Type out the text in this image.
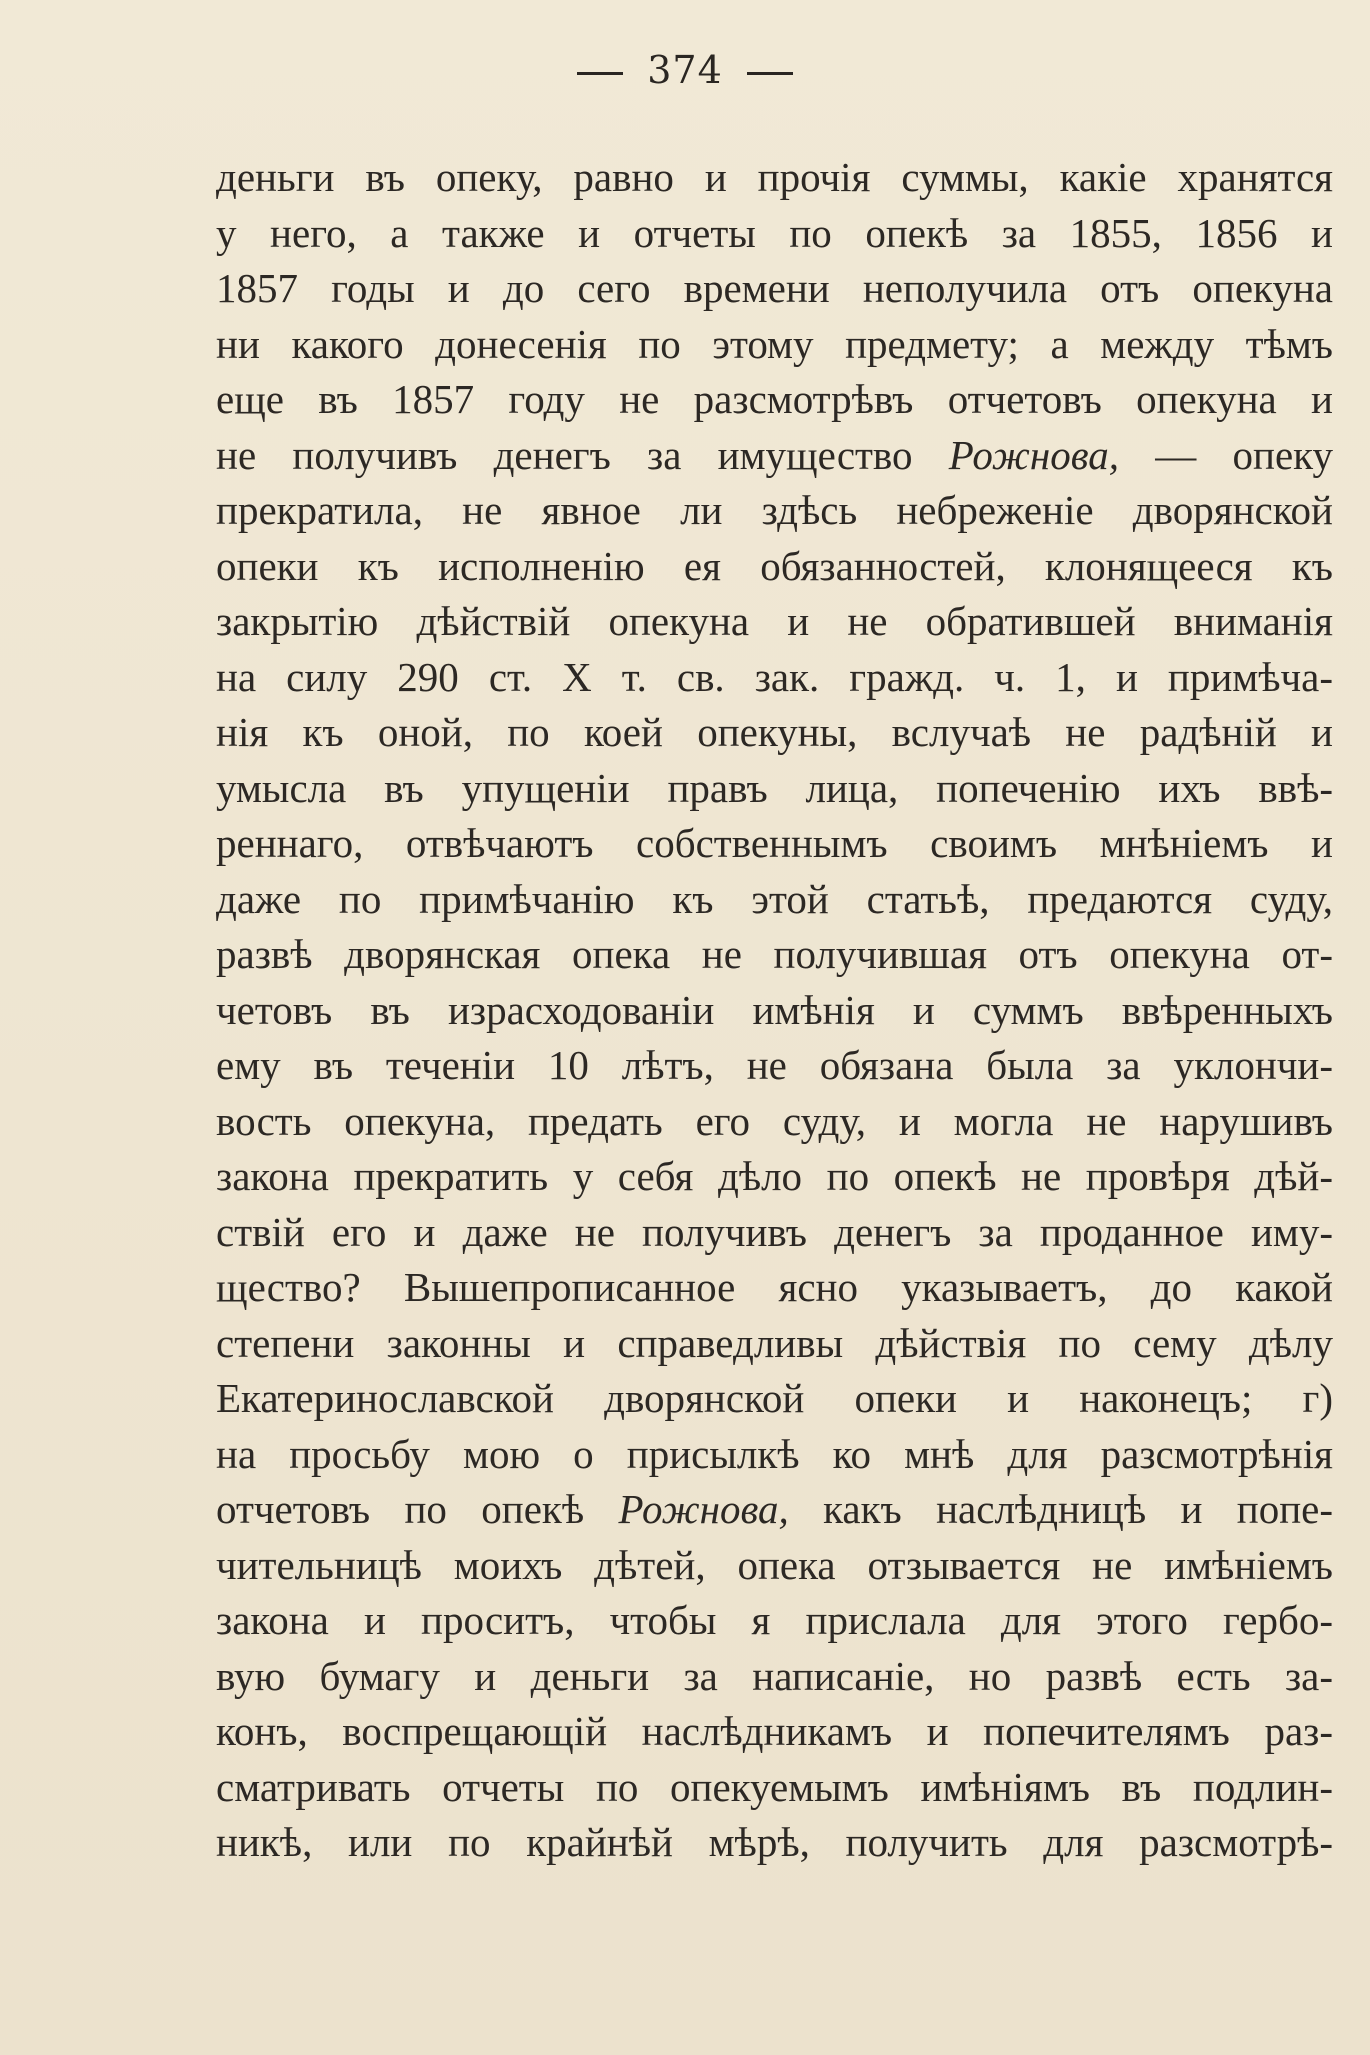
374
деньги въ опеку, равно и прочія суммы, какіе хранятся
у него, а также и отчеты по опекѣ за 1855, 1856 и
1857 годы и до сего времени неполучила отъ опекуна
ни какого донесенія по этому предмету; а между тѣмъ
еще въ 1857 году не разсмотрѣвъ отчетовъ опекуна и
не получивъ денегъ за имущество Рожнова, — опеку
прекратила, не явное ли здѣсь небреженіе дворянской
опеки къ исполненію ея обязанностей, клонящееся къ
закрытію дѣйствій опекуна и не обратившей вниманія
на силу 290 ст. X т. св. зак. гражд. ч. 1, и примѣча-
нія къ оной, по коей опекуны, вслучаѣ не радѣній и
умысла въ упущеніи правъ лица, попеченію ихъ ввѣ-
реннаго, отвѣчаютъ собственнымъ своимъ мнѣніемъ и
даже по примѣчанію къ этой статьѣ, предаются суду,
развѣ дворянская опека не получившая отъ опекуна от-
четовъ въ израсходованіи имѣнія и суммъ ввѣренныхъ
ему въ теченіи 10 лѣтъ, не обязана была за уклончи-
вость опекуна, предать его суду, и могла не нарушивъ
закона прекратить у себя дѣло по опекѣ не провѣря дѣй-
ствій его и даже не получивъ денегъ за проданное иму-
щество? Вышепрописанное ясно указываетъ, до какой
степени законны и справедливы дѣйствія по сему дѣлу
Екатеринославской дворянской опеки и наконецъ; г)
на просьбу мою о присылкѣ ко мнѣ для разсмотрѣнія
отчетовъ по опекѣ Рожнова, какъ наслѣдницѣ и попе-
чительницѣ моихъ дѣтей, опека отзывается не имѣніемъ
закона и проситъ, чтобы я прислала для этого гербо-
вую бумагу и деньги за написаніе, но развѣ есть за-
конъ, воспрещающій наслѣдникамъ и попечителямъ раз-
сматривать отчеты по опекуемымъ имѣніямъ въ подлин-
никѣ, или по крайнѣй мѣрѣ, получить для разсмотрѣ-
